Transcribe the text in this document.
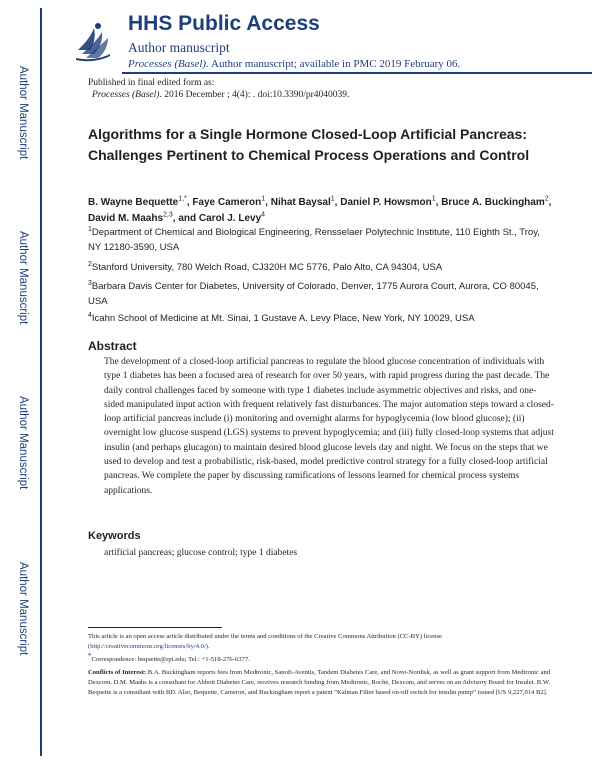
Author Manuscript
Author Manuscript
Author Manuscript
Author Manuscript
HHS Public Access
Author manuscript
Processes (Basel). Author manuscript; available in PMC 2019 February 06.
Published in final edited form as:
Processes (Basel). 2016 December ; 4(4): . doi:10.3390/pr4040039.
Algorithms for a Single Hormone Closed-Loop Artificial Pancreas: Challenges Pertinent to Chemical Process Operations and Control
B. Wayne Bequette$^{1,*}$, Faye Cameron$^1$, Nihat Baysal$^1$, Daniel P. Howsmon$^1$, Bruce A. Buckingham$^2$, David M. Maahs$^{2,3}$, and Carol J. Levy$^4$
$^1$Department of Chemical and Biological Engineering, Rensselaer Polytechnic Institute, 110 Eighth St., Troy, NY 12180-3590, USA
$^2$Stanford University, 780 Welch Road, CJ320H MC 5776, Palo Alto, CA 94304, USA
$^3$Barbara Davis Center for Diabetes, University of Colorado, Denver, 1775 Aurora Court, Aurora, CO 80045, USA
$^4$Icahn School of Medicine at Mt. Sinai, 1 Gustave A. Levy Place, New York, NY 10029, USA
Abstract
The development of a closed-loop artificial pancreas to regulate the blood glucose concentration of individuals with type 1 diabetes has been a focused area of research for over 50 years, with rapid progress during the past decade. The daily control challenges faced by someone with type 1 diabetes include asymmetric objectives and risks, and one-sided manipulated input action with frequent relatively fast disturbances. The major automation steps toward a closed-loop artificial pancreas include (i) monitoring and overnight alarms for hypoglycemia (low blood glucose); (ii) overnight low glucose suspend (LGS) systems to prevent hypoglycemia; and (iii) fully closed-loop systems that adjust insulin (and perhaps glucagon) to maintain desired blood glucose levels day and night. We focus on the steps that we used to develop and test a probabilistic, risk-based, model predictive control strategy for a fully closed-loop artificial pancreas. We complete the paper by discussing ramifications of lessons learned for chemical process systems applications.
Keywords
artificial pancreas; glucose control; type 1 diabetes

This article is an open access article distributed under the terms and conditions of the Creative Commons Attribution (CC-BY) license
(http://creativecommons.org/licenses/by/4.0/).

*Correspondence: bequette@rpi.edu; Tel.: +1-518-276-6377.

Conflicts of Interest: B.A. Buckingham reports fees from Medtronic, Sanofi-Aventis, Tandem Diabetes Care, and Novo-Nordisk, as well as grant support from Medtronic and Dexcom. D.M. Maahs is a consultant for Abbott Diabetes Care, receives research funding from Medtronic, Roche, Dexcom, and serves on an Advisory Board for Insulet. B.W. Bequette is a consultant with BD. Also, Bequette, Cameron, and Buckingham report a patent “Kalman Filter based on-off switch for insulin pump” issued [US 9,227,014 B2].
